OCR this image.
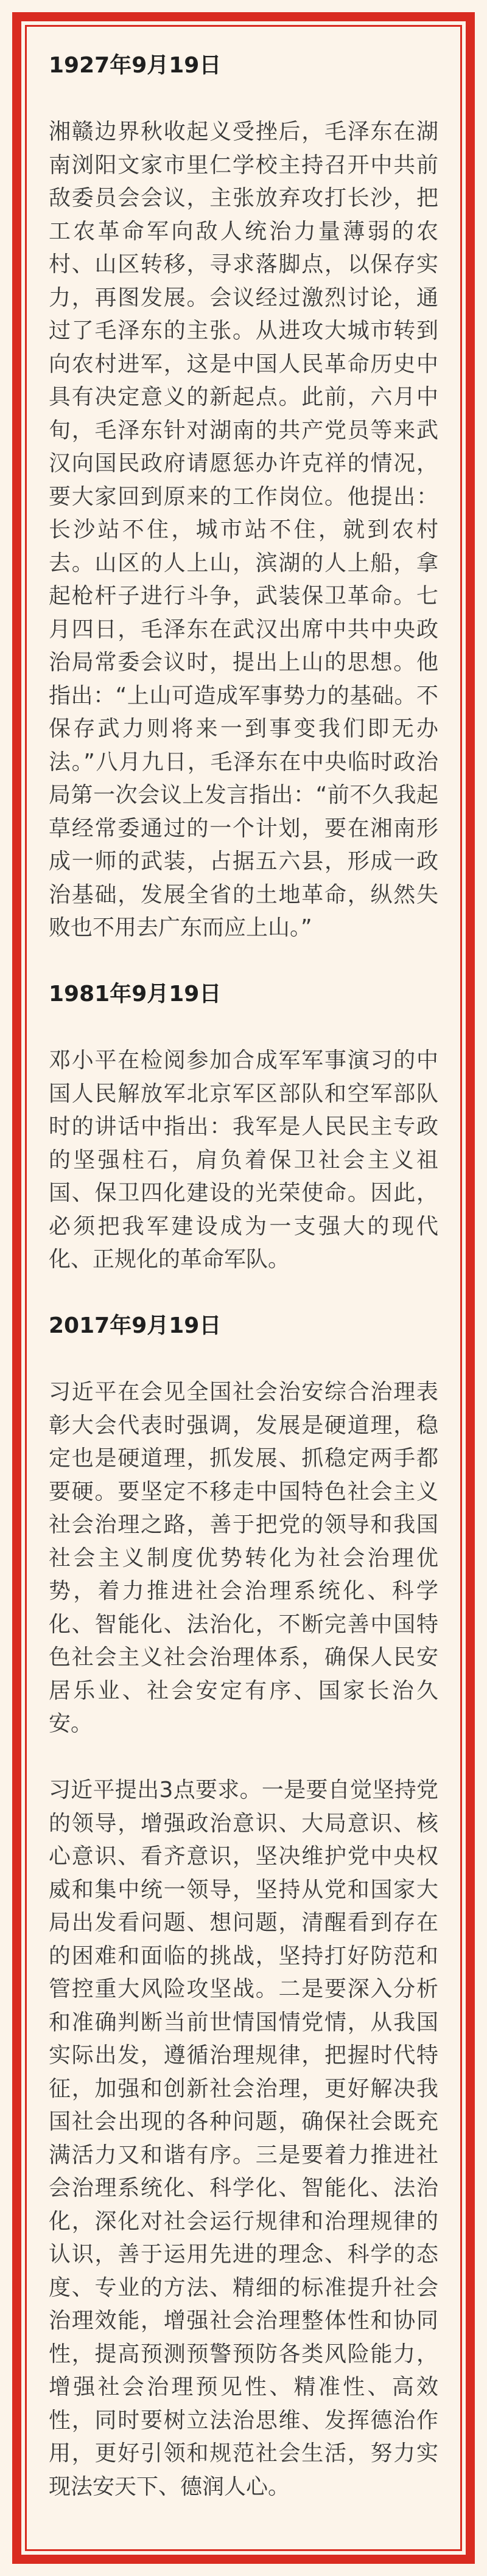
1927年9月19日

湘赣边界秋收起义受挫后，毛泽东在湖南浏阳文家市里仁学校主持召开中共前敌委员会会议，主张放弃攻打长沙，把工农革命军向敌人统治力量薄弱的农村、山区转移，寻求落脚点，以保存实力，再图发展。会议经过激烈讨论，通过了毛泽东的主张。从进攻大城市转到向农村进军，这是中国人民革命历史中具有决定意义的新起点。此前，六月中旬，毛泽东针对湖南的共产党员等来武汉向国民政府请愿惩办许克祥的情况，要大家回到原来的工作岗位。他提出：长沙站不住，城市站不住，就到农村去。山区的人上山，滨湖的人上船，拿起枪杆子进行斗争，武装保卫革命。七月四日，毛泽东在武汉出席中共中央政治局常委会议时，提出上山的思想。他指出：“上山可造成军事势力的基础。不保存武力则将来一到事变我们即无办法。”八月九日，毛泽东在中央临时政治局第一次会议上发言指出：“前不久我起草经常委通过的一个计划，要在湘南形成一师的武装，占据五六县，形成一政治基础，发展全省的土地革命，纵然失败也不用去广东而应上山。”

1981年9月19日

邓小平在检阅参加合成军军事演习的中国人民解放军北京军区部队和空军部队时的讲话中指出：我军是人民民主专政的坚强柱石，肩负着保卫社会主义祖国、保卫四化建设的光荣使命。因此，必须把我军建设成为一支强大的现代化、正规化的革命军队。

2017年9月19日

习近平在会见全国社会治安综合治理表彰大会代表时强调，发展是硬道理，稳定也是硬道理，抓发展、抓稳定两手都要硬。要坚定不移走中国特色社会主义社会治理之路，善于把党的领导和我国社会主义制度优势转化为社会治理优势，着力推进社会治理系统化、科学化、智能化、法治化，不断完善中国特色社会主义社会治理体系，确保人民安居乐业、社会安定有序、国家长治久安。

习近平提出3点要求。一是要自觉坚持党的领导，增强政治意识、大局意识、核心意识、看齐意识，坚决维护党中央权威和集中统一领导，坚持从党和国家大局出发看问题、想问题，清醒看到存在的困难和面临的挑战，坚持打好防范和管控重大风险攻坚战。二是要深入分析和准确判断当前世情国情党情，从我国实际出发，遵循治理规律，把握时代特征，加强和创新社会治理，更好解决我国社会出现的各种问题，确保社会既充满活力又和谐有序。三是要着力推进社会治理系统化、科学化、智能化、法治化，深化对社会运行规律和治理规律的认识，善于运用先进的理念、科学的态度、专业的方法、精细的标准提升社会治理效能，增强社会治理整体性和协同性，提高预测预警预防各类风险能力，增强社会治理预见性、精准性、高效性，同时要树立法治思维、发挥德治作用，更好引领和规范社会生活，努力实现法安天下、德润人心。
